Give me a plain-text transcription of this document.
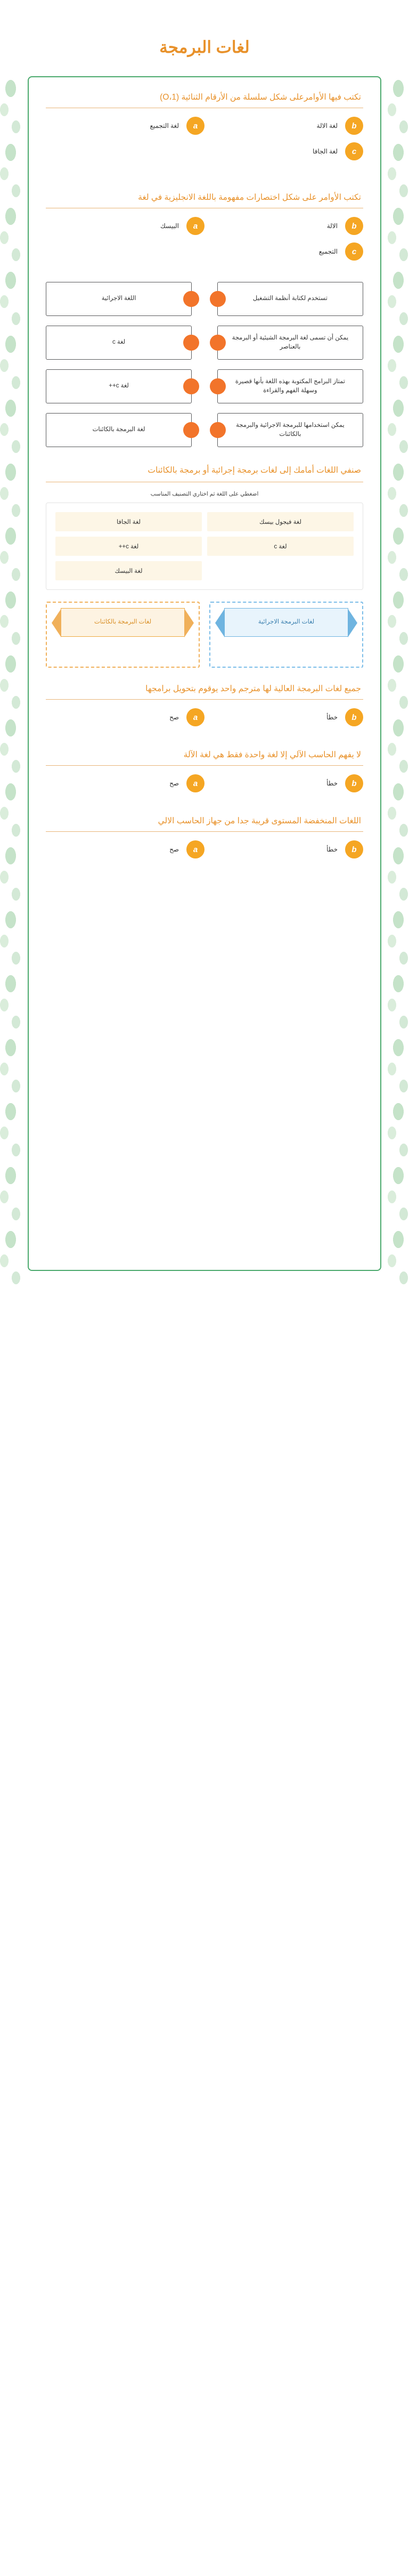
لغات البرمجة
تكتب فيها الأوامرعلى شكل سلسلة من الأرقام الثنائية (O،1)
b
لغة الالة
a
لغة التجميع
c
لغة الجافا
تكتب الأوامر على شكل اختصارات مفهومة باللغة الانجليزية في لغة
b
الالة
a
البيسك
c
التجميع
تستخدم لكتابة أنظمة التشغيل
يمكن أن تسمى لغة البرمجة الشيئية أو البرمجة بالعناصر
تمتاز البرامج المكتوبة بهذه اللغة بأنها قصيرة وسهلة الفهم والقراءة
يمكن استخدامها للبرمجة الاجرائية والبرمجة بالكائنات
اللغة الاجرائية
لغة c
لغة c++
لغة البرمجة بالكائنات
صنفي اللغات أمامك إلى لغات برمجة إجرائية أو برمجة بالكائنات
اضغطي على اللغة ثم اختاري التصنيف المناسب
لغة فيجول بيسك
لغة الجافا
لغة c
لغة c++
لغة البيسك
لغات البرمجة الاجرائية
لغات البرمجة بالكائنات
جميع لغات البرمجة العالية لها مترجم واحد يوقوم بتحويل برامجها
b
خطأ
a
صح
لا يفهم الحاسب الآلي إلا لغة واحدة فقط هي لغة الآلة
b
خطأ
a
صح
اللغات المنخفضة المستوى قريبة جدا من جهاز الحاسب الالي
b
خطأ
a
صح
